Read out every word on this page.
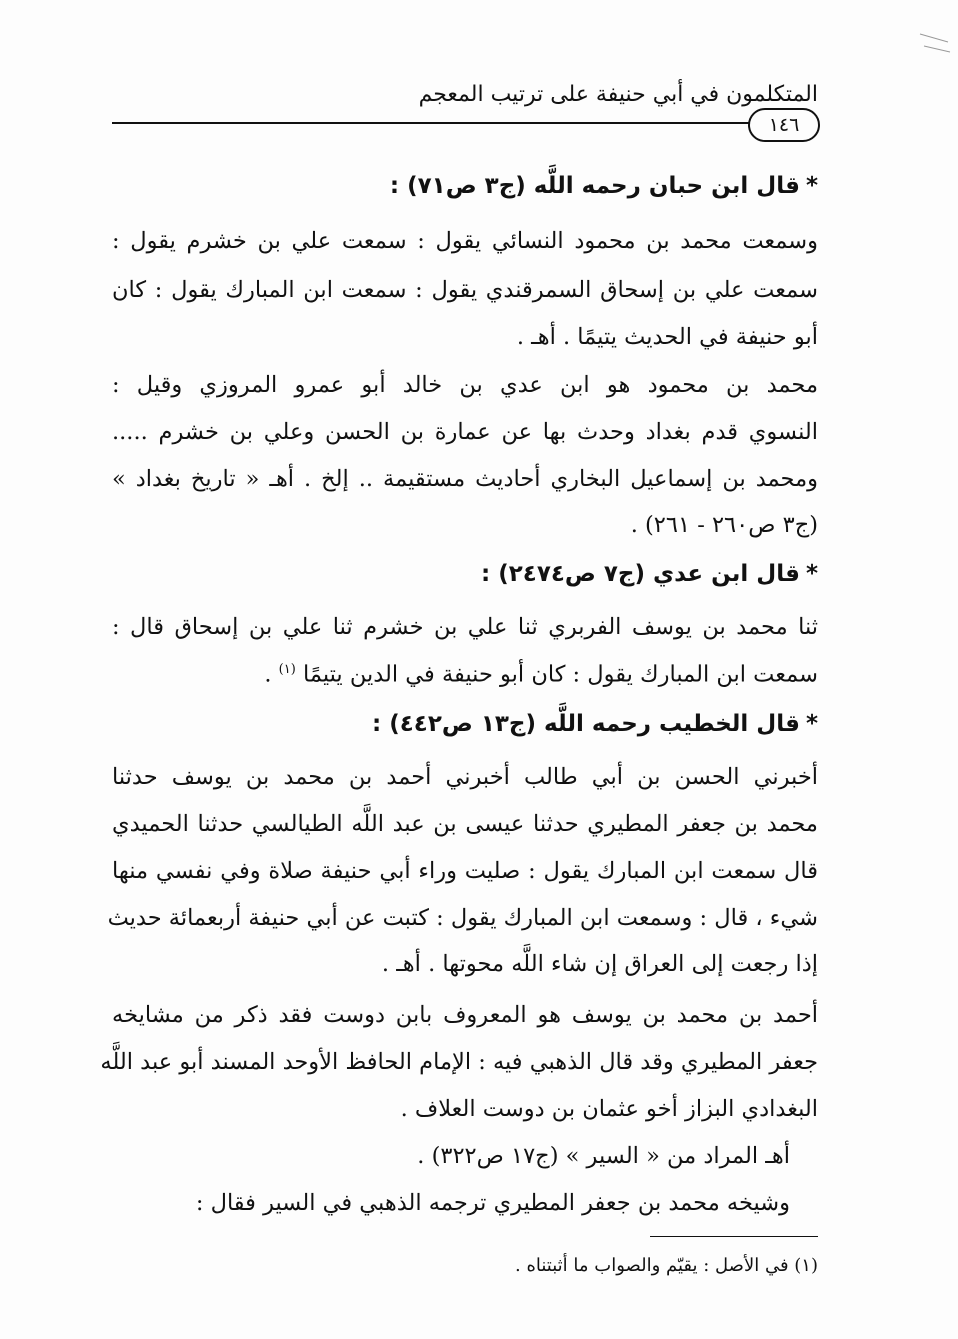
المتكلمون في أبي حنيفة على ترتيب المعجم
١٤٦
*قال ابن حبان رحمه اللَّه (ج٣ ص٧١) :
وسمعت محمد بن محمود النسائي يقول : سمعت علي بن خشرم يقول :
سمعت علي بن إسحاق السمرقندي يقول : سمعت ابن المبارك يقول : كان
أبو حنيفة في الحديث يتيمًا . أهـ .
محمد بن محمود هو ابن عدي بن خالد أبو عمرو المروزي وقيل :
النسوي قدم بغداد وحدث بها عن عمارة بن الحسن وعلي بن خشرم .....
ومحمد بن إسماعيل البخاري أحاديث مستقيمة .. إلخ . أهـ « تاريخ بغداد »
(ج٣ ص٢٦٠ - ٢٦١) .
*قال ابن عدي (ج٧ ص٢٤٧٤) :
ثنا محمد بن يوسف الفربري ثنا علي بن خشرم ثنا علي بن إسحاق قال :
سمعت ابن المبارك يقول : كان أبو حنيفة في الدين يتيمًا $^{(١)}$ .
*قال الخطيب رحمه اللَّه (ج١٣ ص٤٤٢) :
أخبرني الحسن بن أبي طالب أخبرني أحمد بن محمد بن يوسف حدثنا
محمد بن جعفر المطيري حدثنا عيسى بن عبد اللَّه الطيالسي حدثنا الحميدي
قال سمعت ابن المبارك يقول : صليت وراء أبي حنيفة صلاة وفي نفسي منها
شيء ، قال : وسمعت ابن المبارك يقول : كتبت عن أبي حنيفة أربعمائة حديث
إذا رجعت إلى العراق إن شاء اللَّه محوتها . أهـ .
أحمد بن محمد بن يوسف هو المعروف بابن دوست فقد ذكر من مشايخه
جعفر المطيري وقد قال الذهبي فيه : الإمام الحافظ الأوحد المسند أبو عبد اللَّه
البغدادي البزاز أخو عثمان بن دوست العلاف .
أهـ المراد من « السير » (ج١٧ ص٣٢٢) .
وشيخه محمد بن جعفر المطيري ترجمه الذهبي في السير فقال :
(١) في الأصل : يقيّم والصواب ما أثبتناه .
